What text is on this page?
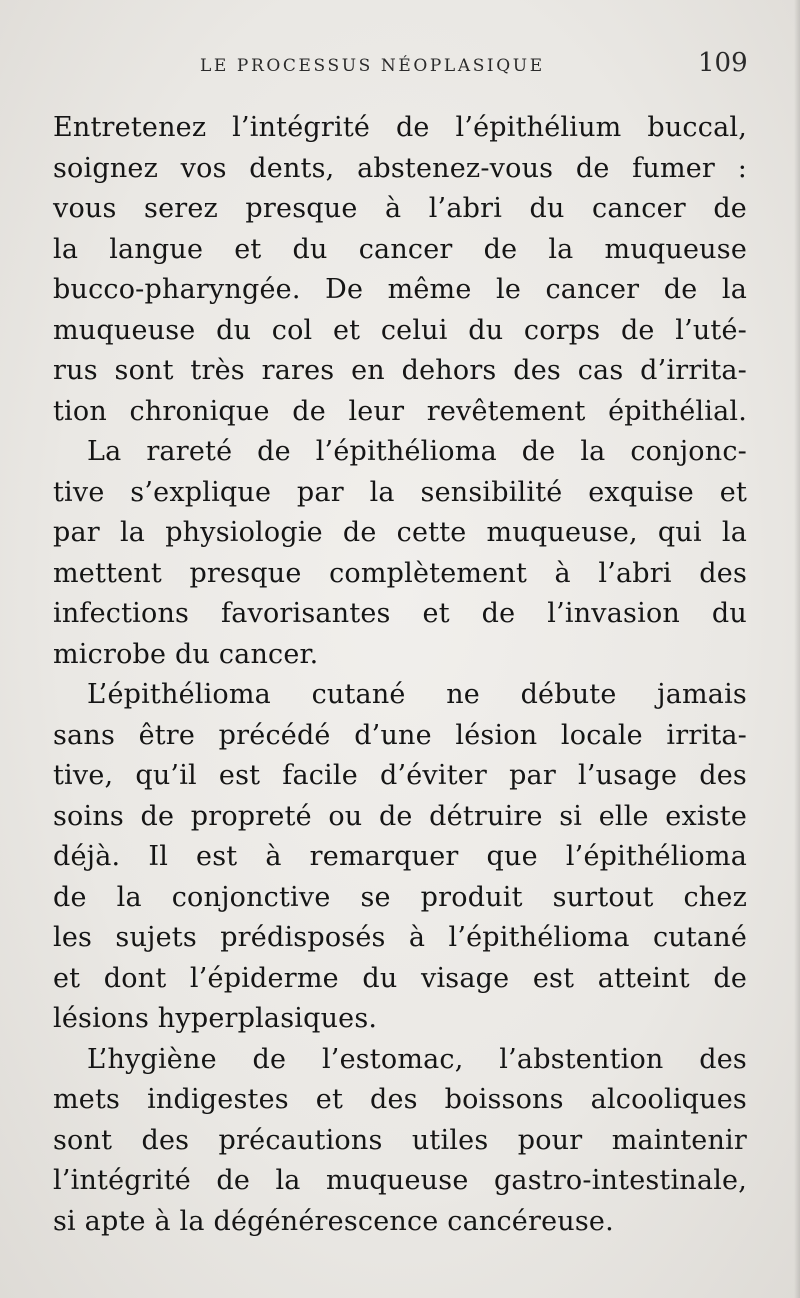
LE PROCESSUS NÉOPLASIQUE	109
Entretenez l’intégrité de l’épithélium buccal,
soignez vos dents, abstenez-vous de fumer :
vous serez presque à l’abri du cancer de
la langue et du cancer de la muqueuse
bucco-pharyngée. De même le cancer de la
muqueuse du col et celui du corps de l’uté-
rus sont très rares en dehors des cas d’irrita-
tion chronique de leur revêtement épithélial.
La rareté de l’épithélioma de la conjonc-
tive s’explique par la sensibilité exquise et
par la physiologie de cette muqueuse, qui la
mettent presque complètement à l’abri des
infections favorisantes et de l’invasion du
microbe du cancer.
L’épithélioma cutané ne débute jamais
sans être précédé d’une lésion locale irrita-
tive, qu’il est facile d’éviter par l’usage des
soins de propreté ou de détruire si elle existe
déjà. Il est à remarquer que l’épithélioma
de la conjonctive se produit surtout chez
les sujets prédisposés à l’épithélioma cutané
et dont l’épiderme du visage est atteint de
lésions hyperplasiques.
L’hygiène de l’estomac, l’abstention des
mets indigestes et des boissons alcooliques
sont des précautions utiles pour maintenir
l’intégrité de la muqueuse gastro-intestinale,
si apte à la dégénérescence cancéreuse.
